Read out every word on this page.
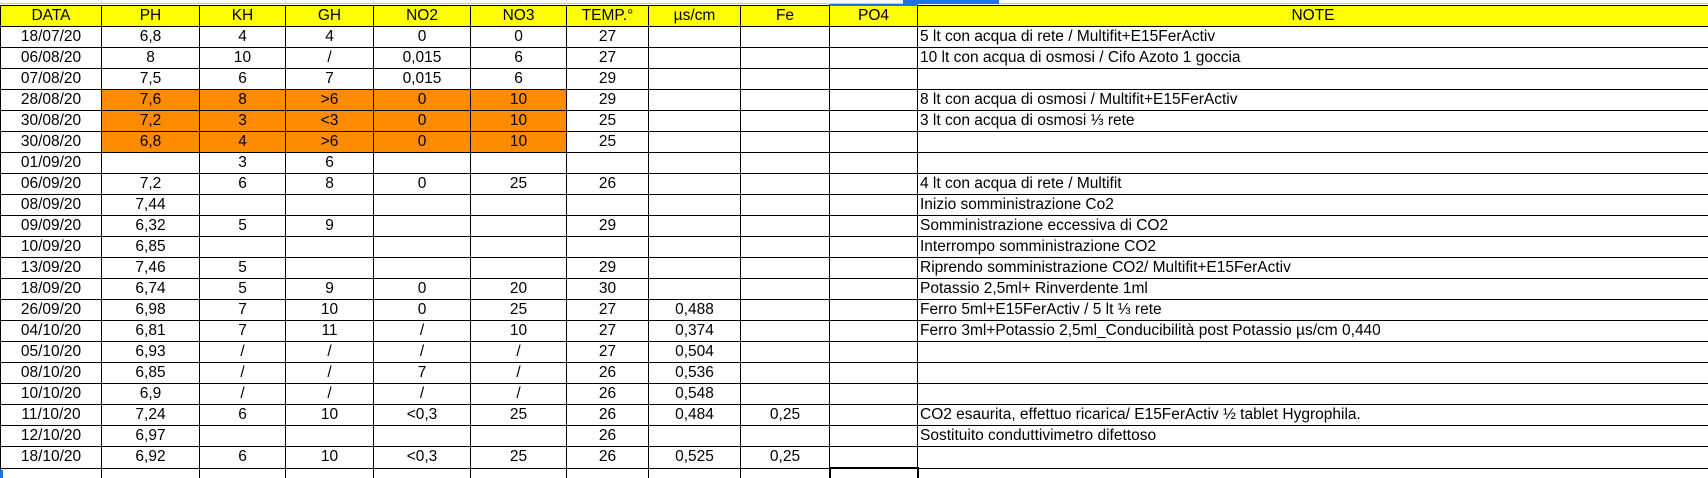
DATA	PH	KH	GH	NO2	NO3	TEMP.°	µs/cm	Fe	PO4	NOTE
18/07/20	6,8	4	4	0	0	27				5 lt con acqua di rete / Multifit+E15FerActiv
06/08/20	8	10	/	0,015	6	27				10 lt con acqua di osmosi / Cifo Azoto 1 goccia
07/08/20	7,5	6	7	0,015	6	29				
28/08/20	7,6	8	>6	0	10	29				8 lt con acqua di osmosi / Multifit+E15FerActiv
30/08/20	7,2	3	<3	0	10	25				3 lt con acqua di osmosi ⅓ rete
30/08/20	6,8	4	>6	0	10	25				
01/09/20		3	6							
06/09/20	7,2	6	8	0	25	26				4 lt con acqua di rete / Multifit
08/09/20	7,44									Inizio somministrazione Co2
09/09/20	6,32	5	9			29				Somministrazione eccessiva di CO2
10/09/20	6,85									Interrompo somministrazione CO2
13/09/20	7,46	5				29				Riprendo somministrazione CO2/ Multifit+E15FerActiv
18/09/20	6,74	5	9	0	20	30				Potassio 2,5ml+ Rinverdente 1ml
26/09/20	6,98	7	10	0	25	27	0,488			Ferro 5ml+E15FerActiv / 5 lt ⅓ rete
04/10/20	6,81	7	11	/	10	27	0,374			Ferro 3ml+Potassio 2,5ml_Conducibilità post Potassio µs/cm 0,440
05/10/20	6,93	/	/	/	/	27	0,504			
08/10/20	6,85	/	/	7	/	26	0,536			
10/10/20	6,9	/	/	/	/	26	0,548			
11/10/20	7,24	6	10	<0,3	25	26	0,484	0,25		CO2 esaurita, effettuo ricarica/ E15FerActiv ½ tablet Hygrophila.
12/10/20	6,97					26				Sostituito conduttivimetro difettoso
18/10/20	6,92	6	10	<0,3	25	26	0,525	0,25		
